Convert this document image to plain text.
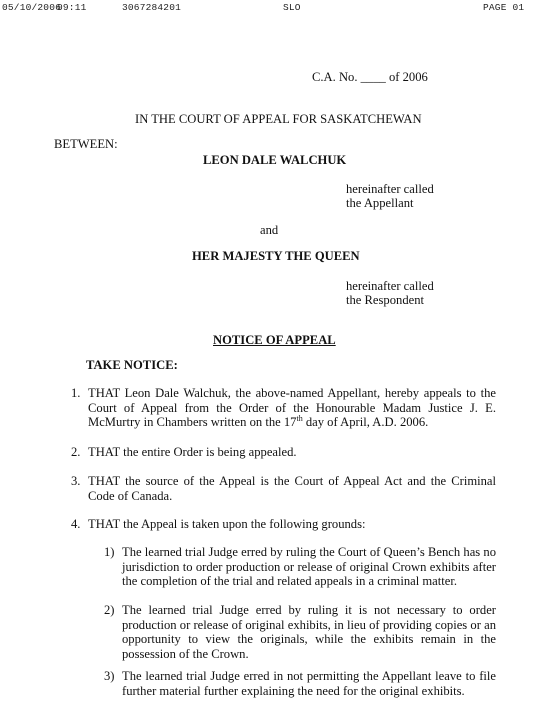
05/10/2006
09:11	3067284201	SLO	PAGE 01
C.A. No. ____ of 2006
IN THE COURT OF APPEAL FOR SASKATCHEWAN
BETWEEN:
LEON DALE WALCHUK
hereinafter called
the Appellant
and
HER MAJESTY THE QUEEN
hereinafter called
the Respondent
NOTICE OF APPEAL
TAKE NOTICE:
1. THAT Leon Dale Walchuk, the above-named Appellant, hereby appeals to the Court of Appeal from the Order of the Honourable Madam Justice J. E. McMurtry in Chambers written on the 17th day of April, A.D. 2006.
2. THAT the entire Order is being appealed.
3. THAT the source of the Appeal is the Court of Appeal Act and the Criminal Code of Canada.
4. THAT the Appeal is taken upon the following grounds:
1) The learned trial Judge erred by ruling the Court of Queen’s Bench has no jurisdiction to order production or release of original Crown exhibits after the completion of the trial and related appeals in a criminal matter.
2) The learned trial Judge erred by ruling it is not necessary to order production or release of original exhibits, in lieu of providing copies or an opportunity to view the originals, while the exhibits remain in the possession of the Crown.
3) The learned trial Judge erred in not permitting the Appellant leave to file further material further explaining the need for the original exhibits.
